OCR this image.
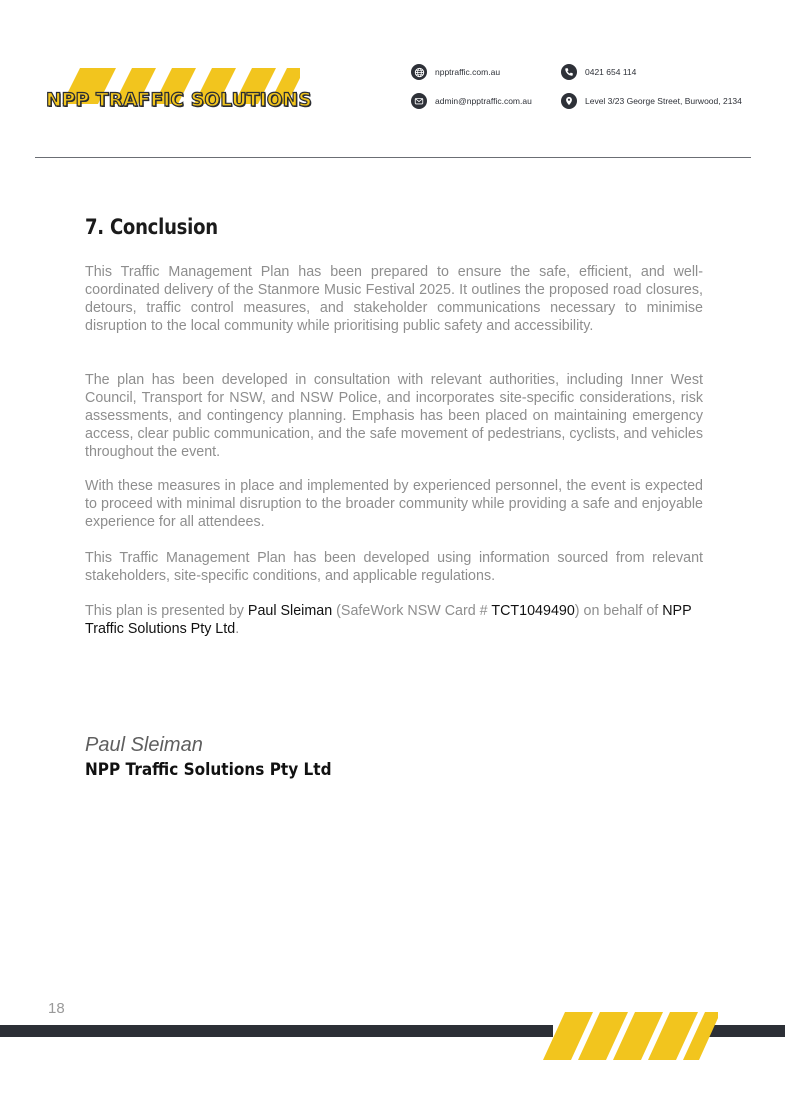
NPP TRAFFIC SOLUTIONS
npptraffic.com.au	0421 654 114
admin@npptraffic.com.au	Level 3/23 George Street, Burwood, 2134
7. Conclusion

This Traffic Management Plan has been prepared to ensure the safe, efficient, and well-coordinated delivery of the Stanmore Music Festival 2025. It outlines the proposed road closures, detours, traffic control measures, and stakeholder communications necessary to minimise disruption to the local community while prioritising public safety and accessibility.

The plan has been developed in consultation with relevant authorities, including Inner West Council, Transport for NSW, and NSW Police, and incorporates site-specific considerations, risk assessments, and contingency planning. Emphasis has been placed on maintaining emergency access, clear public communication, and the safe movement of pedestrians, cyclists, and vehicles throughout the event.

With these measures in place and implemented by experienced personnel, the event is expected to proceed with minimal disruption to the broader community while providing a safe and enjoyable experience for all attendees.

This Traffic Management Plan has been developed using information sourced from relevant stakeholders, site-specific conditions, and applicable regulations.

This plan is presented by Paul Sleiman (SafeWork NSW Card # TCT1049490) on behalf of NPP Traffic Solutions Pty Ltd.

Paul Sleiman
NPP Traffic Solutions Pty Ltd
18
